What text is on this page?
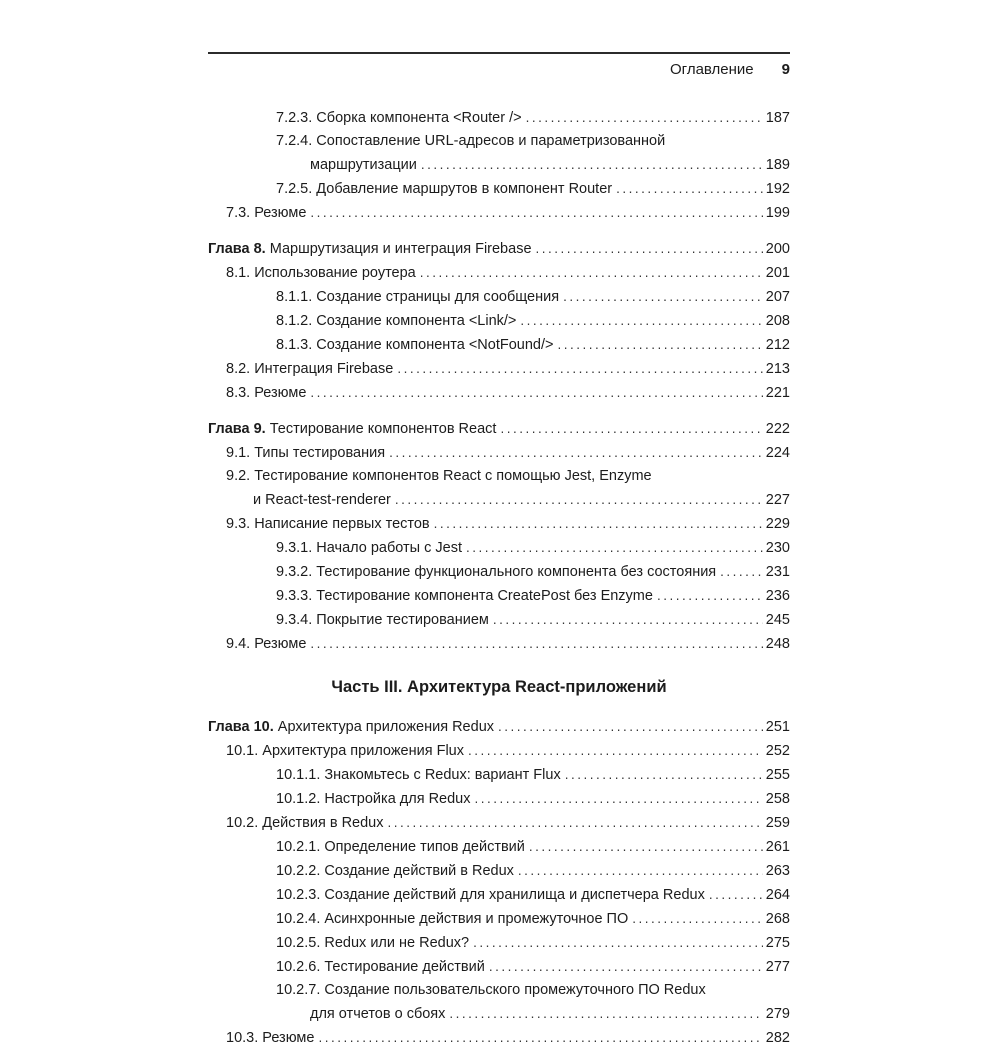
Оглавление 9
7.2.3. Сборка компонента <Router /> .....	187
7.2.4. Сопоставление URL-адресов и параметризованной
маршрутизации .....	189
7.2.5. Добавление маршрутов в компонент Router .....	192
7.3. Резюме .....	199
Глава 8. Маршрутизация и интеграция Firebase .....	200
8.1. Использование роутера .....	201
8.1.1. Создание страницы для сообщения .....	207
8.1.2. Создание компонента <Link/> .....	208
8.1.3. Создание компонента <NotFound/> .....	212
8.2. Интеграция Firebase .....	213
8.3. Резюме .....	221
Глава 9. Тестирование компонентов React .....	222
9.1. Типы тестирования .....	224
9.2. Тестирование компонентов React с помощью Jest, Enzyme
и React-test-renderer .....	227
9.3. Написание первых тестов .....	229
9.3.1. Начало работы с Jest .....	230
9.3.2. Тестирование функционального компонента без состояния .....	231
9.3.3. Тестирование компонента CreatePost без Enzyme .....	236
9.3.4. Покрытие тестированием .....	245
9.4. Резюме .....	248
Часть III. Архитектура React-приложений
Глава 10. Архитектура приложения Redux .....	251
10.1. Архитектура приложения Flux .....	252
10.1.1. Знакомьтесь с Redux: вариант Flux .....	255
10.1.2. Настройка для Redux .....	258
10.2. Действия в Redux .....	259
10.2.1. Определение типов действий .....	261
10.2.2. Создание действий в Redux .....	263
10.2.3. Создание действий для хранилища и диспетчера Redux .....	264
10.2.4. Асинхронные действия и промежуточное ПО .....	268
10.2.5. Redux или не Redux? .....	275
10.2.6. Тестирование действий .....	277
10.2.7. Создание пользовательского промежуточного ПО Redux
для отчетов о сбоях .....	279
10.3. Резюме .....	282
